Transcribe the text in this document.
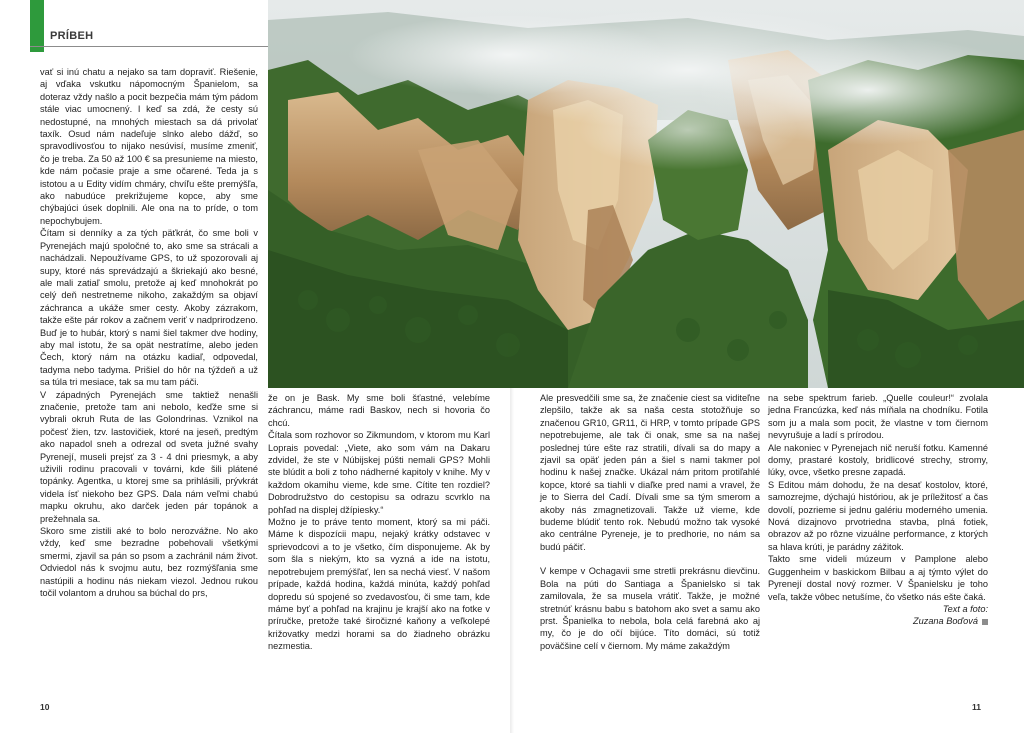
PRÍBEH

vať si inú chatu a nejako sa tam dopraviť. Riešenie, aj vďaka vskutku nápomocným Španielom, sa doteraz vždy našlo a pocit bezpečia mám tým pádom stále viac umocnený. I keď sa zdá, že cesty sú nedostupné, na mnohých miestach sa dá privolať taxík. Osud nám nadeľuje slnko alebo dážď, so spravodlivosťou to nijako nesúvisí, musíme zmeniť, čo je treba. Za 50 až 100 € sa presunieme na miesto, kde nám počasie praje a sme očarené. Teda ja s istotou a u Edity vidím chmáry, chvíľu ešte premýšľa, ako nabudúce prekrižujeme kopce, aby sme chýbajúci úsek doplnili. Ale ona na to príde, o tom nepochybujem.

Čítam si denníky a za tých päťkrát, čo sme boli v Pyrenejách majú spoločné to, ako sme sa strácali a nachádzali. Nepoužívame GPS, to už spozorovali aj supy, ktoré nás sprevádzajú a škriekajú ako besné, ale mali zatiaľ smolu, pretože aj keď mnohokrát po celý deň nestretneme nikoho, zakaždým sa objaví záchranca a ukáže smer cesty. Akoby zázrakom, takže ešte pár rokov a začnem veriť v nadprirodzeno. Buď je to hubár, ktorý s nami šiel takmer dve hodiny, aby mal istotu, že sa opät nestratíme, alebo jeden Čech, ktorý nám na otázku kadiaľ, odpovedal, tadyma nebo tadyma. Prišiel do hôr na týždeň a už sa túla tri mesiace, tak sa mu tam páči.

V západných Pyrenejách sme taktiež nenašli značenie, pretože tam ani nebolo, keďže sme si vybrali okruh Ruta de las Golondrinas. Vznikol na počesť žien, tzv. lastovičiek, ktoré na jeseň, predtým ako napadol sneh a odrezal od sveta južné svahy Pyrenejí, museli prejsť za 3 - 4 dni priesmyk, a aby uživili rodinu pracovali v továrni, kde šili plátené topánky. Agentka, u ktorej sme sa prihlásili, prývkrát videla ísť niekoho bez GPS. Dala nám veľmi chabú mapku okruhu, ako darček jeden pár topánok a prežehnala sa.

Skoro sme zistili aké to bolo nerozvážne. No ako vždy, keď sme bezradne pobehovali všetkými smermi, zjavil sa pán so psom a zachránil nám život. Odviedol nás k svojmu autu, bez rozmýšľania sme nastúpili a hodinu nás niekam viezol. Jednou rukou točil volantom a druhou sa búchal do prs,

že on je Bask. My sme boli šťastné, velebíme záchrancu, máme radi Baskov, nech si hovoria čo chcú.

Čítala som rozhovor so Zikmundom, v ktorom mu Karl Loprais povedal: „Viete, ako som vám na Dakaru zdvidel, že ste v Núbijskej púšti nemali GPS? Mohli ste blúdit a boli z toho nádherné kapitoly v knihe. My v každom okamihu vieme, kde sme. Cítite ten rozdiel? Dobrodružstvo do cestopisu sa odrazu scvrklo na pohľad na displej džípiesky.“

Možno je to práve tento moment, ktorý sa mi páči. Máme k dispozícii mapu, nejaký krátky odstavec v sprievodcovi a to je všetko, čím disponujeme. Ak by som šla s niekým, kto sa vyzná a ide na istotu, nepotrebujem premýšľať, len sa nechá viesť. V našom prípade, každá hodina, každá minúta, každý pohľad dopredu sú spojené so zvedavosťou, či sme tam, kde máme byť a pohľad na krajinu je krajší ako na fotke v príručke, pretože také širočizné kaňony a veľkolepé križovatky medzi horami sa do žiadneho obrázku nezmestia.

Ale presvedčili sme sa, že značenie ciest sa viditeľne zlepšilo, takže ak sa naša cesta stotožňuje so značenou GR10, GR11, či HRP, v tomto prípade GPS nepotrebujeme, ale tak či onak, sme sa na našej poslednej túre ešte raz stratili, dívali sa do mapy a zjavil sa opäť jeden pán a šiel s nami takmer pol hodinu k našej značke. Ukázal nám pritom protiľahlé kopce, ktoré sa tiahli v diaľke pred nami a vravel, že je to Sierra del Cadí. Dívali sme sa tým smerom a akoby nás zmagnetizovali. Takže už vieme, kde budeme blúdiť tento rok. Nebudú možno tak vysoké ako centrálne Pyreneje, je to predhorie, no nám sa budú páčiť.

V kempe v Ochagavii sme stretli prekrásnu dievčinu. Bola na púti do Santiaga a Španielsko si tak zamilovala, že sa musela vrátiť. Takže, je možné stretnúť krásnu babu s batohom ako svet a samu ako prst. Španielka to nebola, bola celá farebná ako aj my, čo je do očí bijúce. Títo domáci, sú totiž poväčšine celí v čiernom. My máme zakaždým

na sebe spektrum farieb. „Quelle couleur!“ zvolala jedna Francúzka, keď nás míňala na chodníku. Fotila som ju a mala som pocit, že vlastne v tom čiernom nevyrušuje a ladí s prírodou.

Ale nakoniec v Pyrenejach nič neruší fotku. Kamenné domy, prastaré kostoly, bridlicové strechy, stromy, lúky, ovce, všetko presne zapadá.

S Editou mám dohodu, že na desať kostolov, ktoré, samozrejme, dýchajú históriou, ak je príležitosť a čas dovolí, pozrieme si jednu galériu moderného umenia. Nová dizajnovo prvotriedna stavba, plná fotiek, obrazov až po rôzne vizuálne performance, z ktorých sa hlava krúti, je parádny zážitok.

Takto sme videli múzeum v Pamplone alebo Guggenheim v baskickom Bilbau a aj týmto výlet do Pyrenejí dostal nový rozmer. V Španielsku je toho veľa, takže vôbec netušíme, čo všetko nás ešte čaká.

Text a foto:

Zuzana Boďová

10	11
